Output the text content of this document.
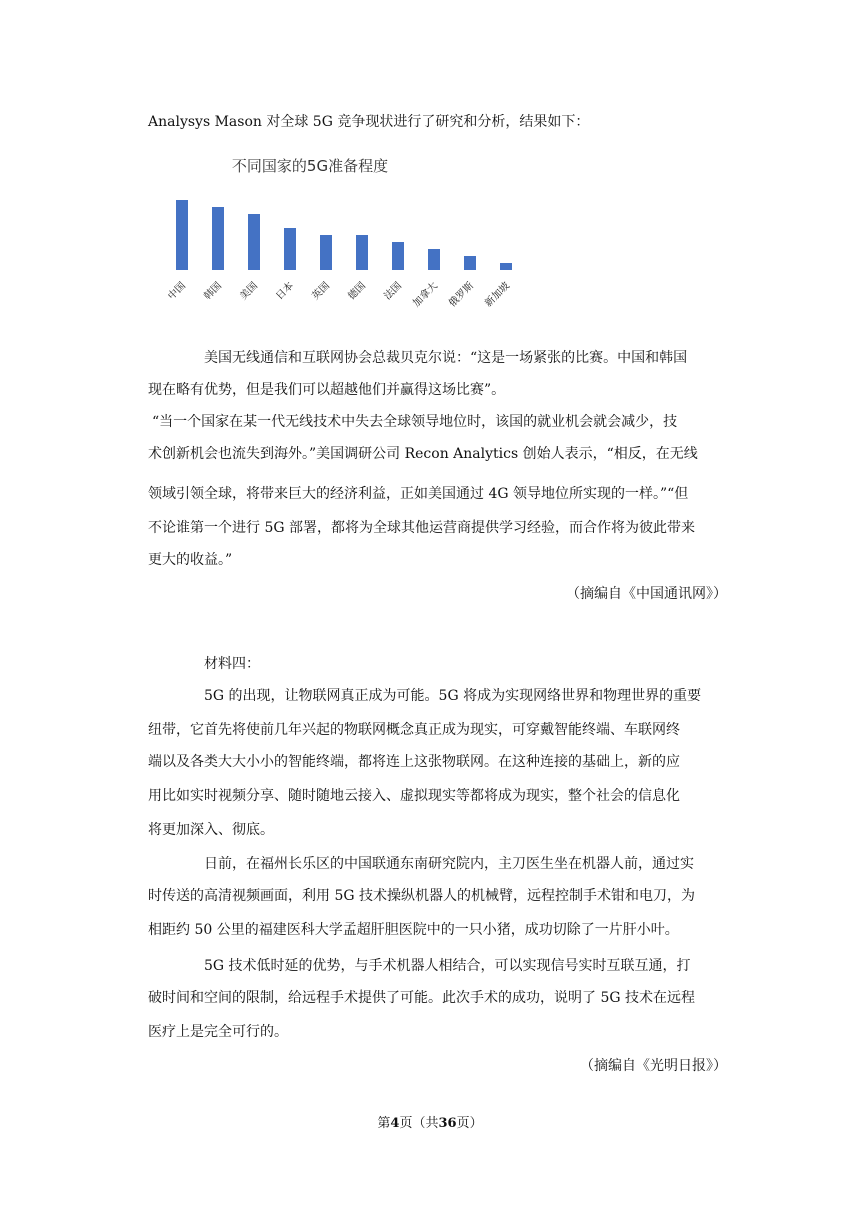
Analysys Mason 对全球 5G 竞争现状进行了研究和分析，结果如下：
不同国家的5G准备程度
中国 韩国 美国 日本 英国 德国 法国 加拿大 俄罗斯 新加坡
美国无线通信和互联网协会总裁贝克尔说：“这是一场紧张的比赛。中国和韩国
现在略有优势，但是我们可以超越他们并赢得这场比赛”。
“当一个国家在某一代无线技术中失去全球领导地位时，该国的就业机会就会减少，技
术创新机会也流失到海外。”美国调研公司 Recon Analytics 创始人表示，“相反，在无线
领域引领全球，将带来巨大的经济利益，正如美国通过 4G 领导地位所实现的一样。”“但
不论谁第一个进行 5G 部署，都将为全球其他运营商提供学习经验，而合作将为彼此带来
更大的收益。”
（摘编自《中国通讯网》）
材料四：
5G 的出现，让物联网真正成为可能。5G 将成为实现网络世界和物理世界的重要
纽带，它首先将使前几年兴起的物联网概念真正成为现实，可穿戴智能终端、车联网终
端以及各类大大小小的智能终端，都将连上这张物联网。在这种连接的基础上，新的应
用比如实时视频分享、随时随地云接入、虚拟现实等都将成为现实，整个社会的信息化
将更加深入、彻底。
日前，在福州长乐区的中国联通东南研究院内，主刀医生坐在机器人前，通过实
时传送的高清视频画面，利用 5G 技术操纵机器人的机械臂，远程控制手术钳和电刀，为
相距约 50 公里的福建医科大学孟超肝胆医院中的一只小猪，成功切除了一片肝小叶。
5G 技术低时延的优势，与手术机器人相结合，可以实现信号实时互联互通，打
破时间和空间的限制，给远程手术提供了可能。此次手术的成功，说明了 5G 技术在远程
医疗上是完全可行的。
（摘编自《光明日报》）
第4页（共36页）
